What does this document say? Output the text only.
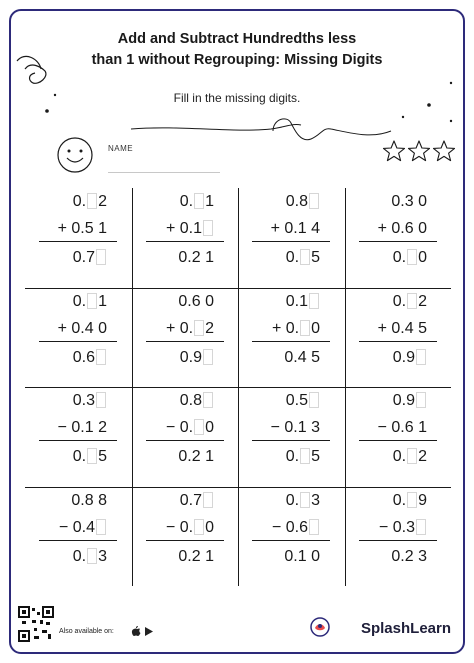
Add and Subtract Hundredths less
than 1 without Regrouping: Missing Digits
Fill in the missing digits.
NAME
0. 2
+ 0.5 1
0.7
0. 1
+ 0.1
0.2 1
0.8
+ 0.1 4
0. 5
0.3 0
+ 0.6 0
0. 0
0. 1
+ 0.4 0
0.6
0.6 0
+ 0. 2
0.9
0.1
+ 0. 0
0.4 5
0. 2
+ 0.4 5
0.9
0.3
− 0.1 2
0. 5
0.8
− 0. 0
0.2 1
0.5
− 0.1 3
0. 5
0.9
− 0.6 1
0. 2
0.8 8
− 0.4
0. 3
0.7
− 0. 0
0.2 1
0. 3
− 0.6
0.1 0
0. 9
− 0.3
0.2 3
Also available on:	SplashLearn
